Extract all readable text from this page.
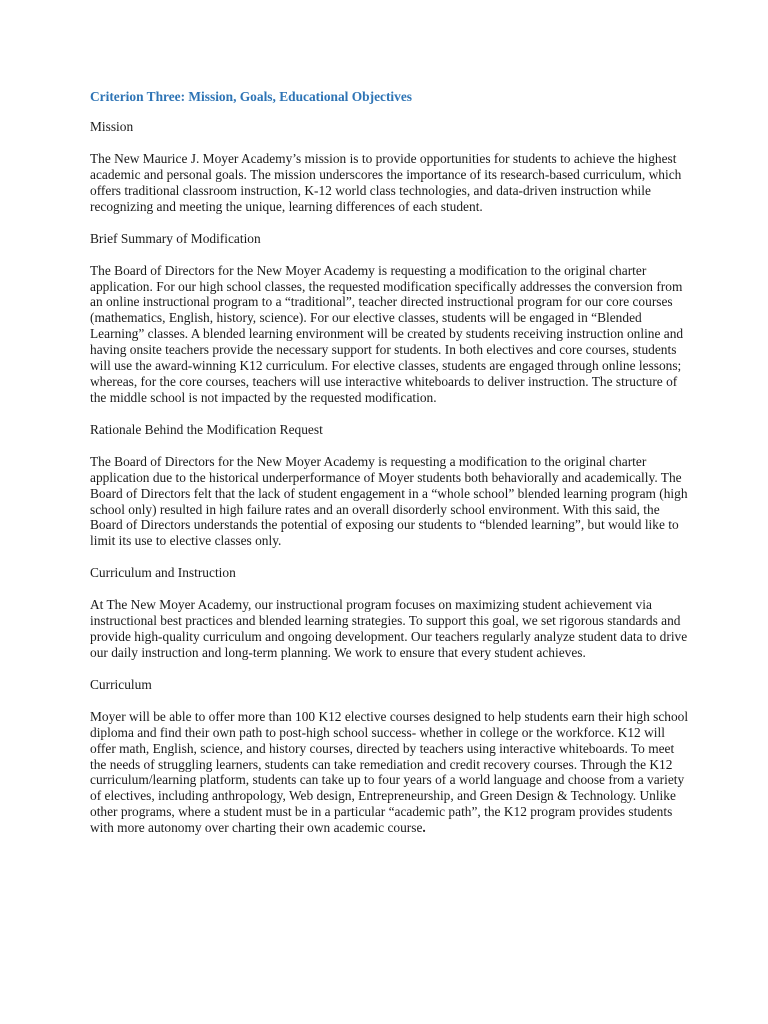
Criterion Three: Mission, Goals, Educational Objectives
Mission

The New Maurice J. Moyer Academy’s mission is to provide opportunities for students to achieve the highest academic and personal goals. The mission underscores the importance of its research-based curriculum, which offers traditional classroom instruction, K-12 world class technologies, and data-driven instruction while recognizing and meeting the unique, learning differences of each student.

Brief Summary of Modification

The Board of Directors for the New Moyer Academy is requesting a modification to the original charter application. For our high school classes, the requested modification specifically addresses the conversion from an online instructional program to a “traditional”, teacher directed instructional program for our core courses (mathematics, English, history, science). For our elective classes, students will be engaged in “Blended Learning” classes. A blended learning environment will be created by students receiving instruction online and having onsite teachers provide the necessary support for students. In both electives and core courses, students will use the award-winning K12 curriculum. For elective classes, students are engaged through online lessons; whereas, for the core courses, teachers will use interactive whiteboards to deliver instruction. The structure of the middle school is not impacted by the requested modification.

Rationale Behind the Modification Request

The Board of Directors for the New Moyer Academy is requesting a modification to the original charter application due to the historical underperformance of Moyer students both behaviorally and academically. The Board of Directors felt that the lack of student engagement in a “whole school” blended learning program (high school only) resulted in high failure rates and an overall disorderly school environment. With this said, the Board of Directors understands the potential of exposing our students to “blended learning”, but would like to limit its use to elective classes only.

Curriculum and Instruction

At The New Moyer Academy, our instructional program focuses on maximizing student achievement via instructional best practices and blended learning strategies. To support this goal, we set rigorous standards and provide high-quality curriculum and ongoing development. Our teachers regularly analyze student data to drive our daily instruction and long-term planning. We work to ensure that every student achieves.

Curriculum

Moyer will be able to offer more than 100 K12 elective courses designed to help students earn their high school diploma and find their own path to post-high school success- whether in college or the workforce. K12 will offer math, English, science, and history courses, directed by teachers using interactive whiteboards. To meet the needs of struggling learners, students can take remediation and credit recovery courses. Through the K12 curriculum/learning platform, students can take up to four years of a world language and choose from a variety of electives, including anthropology, Web design, Entrepreneurship, and Green Design & Technology. Unlike other programs, where a student must be in a particular “academic path”, the K12 program provides students with more autonomy over charting their own academic course.
